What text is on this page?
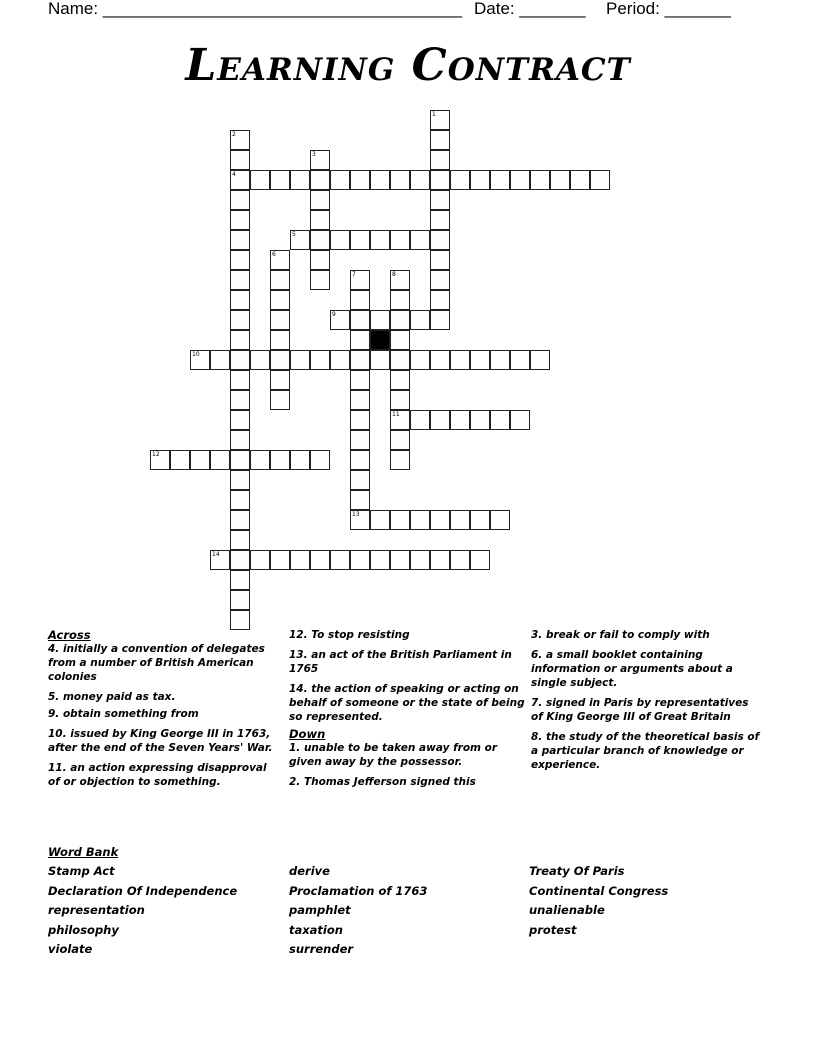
Name: ______________________________________ Date: _______ Period: _______
Learning Contract
1
2
4
3
5
6
7
13
8
11
9
10
12
14
Across
4. initially a convention of delegates from a number of British American colonies
5. money paid as tax.
9. obtain something from
10. issued by King George III in 1763, after the end of the Seven Years' War.
11. an action expressing disapproval of or objection to something.
12. To stop resisting
13. an act of the British Parliament in 1765
14. the action of speaking or acting on behalf of someone or the state of being so represented.
Down
1. unable to be taken away from or given away by the possessor.
2. Thomas Jefferson signed this
3. break or fail to comply with
6. a small booklet containing information or arguments about a single subject.
7. signed in Paris by representatives of King George III of Great Britain
8. the study of the theoretical basis of a particular branch of knowledge or experience.
Word Bank
Stamp Act
Declaration Of Independence
representation
philosophy
violate
derive
Proclamation of 1763
pamphlet
taxation
surrender
Treaty Of Paris
Continental Congress
unalienable
protest
